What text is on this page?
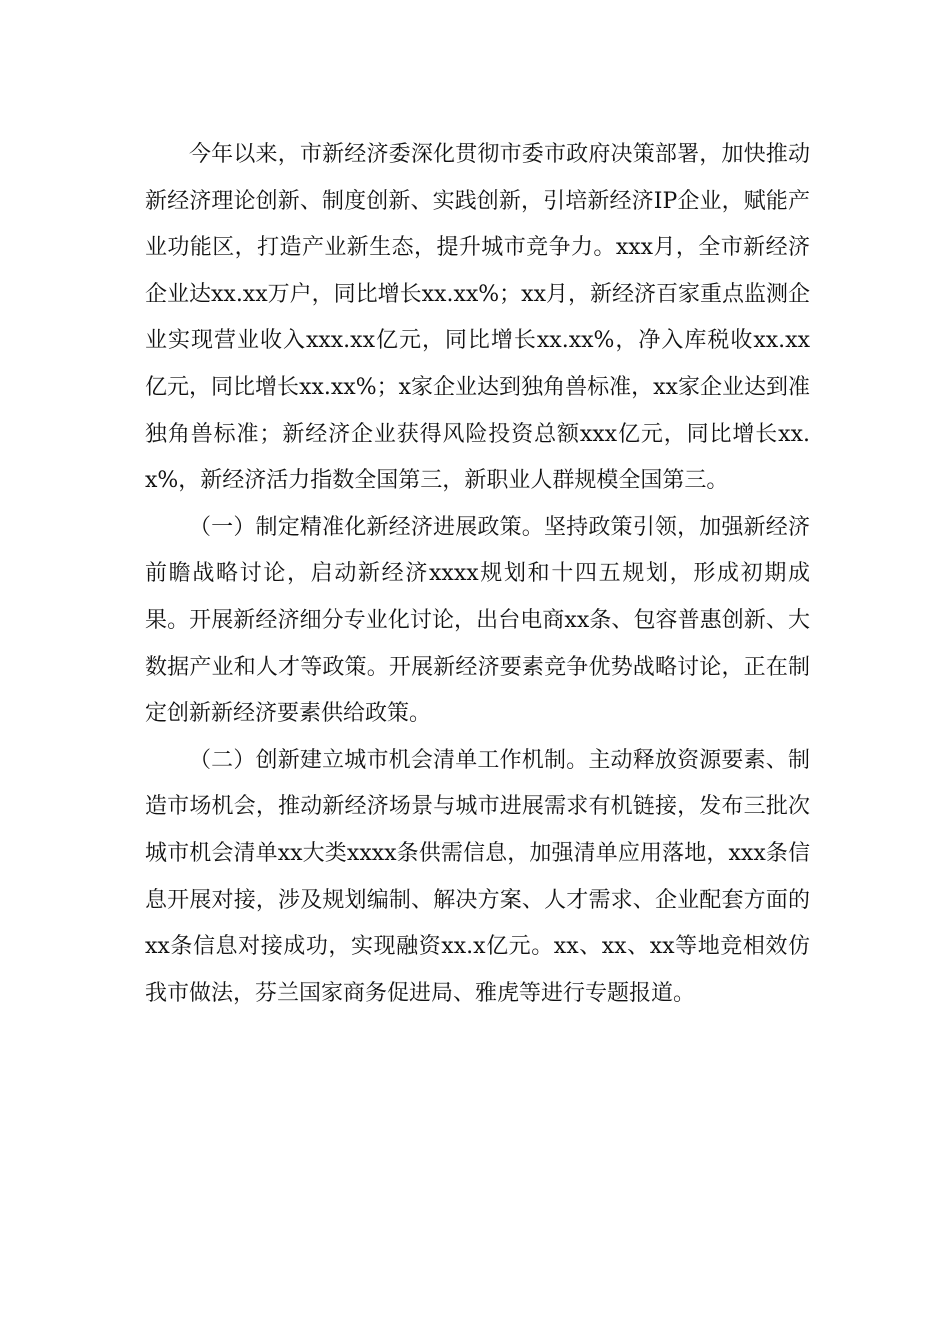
今年以来，市新经济委深化贯彻市委市政府决策部署，加快推动新经济理论创新、制度创新、实践创新，引培新经济IP企业，赋能产业功能区，打造产业新生态，提升城市竞争力。xxx月，全市新经济企业达xx.xx万户，同比增长xx.xx%；xx月，新经济百家重点监测企业实现营业收入xxx.xx亿元，同比增长xx.xx%，净入库税收xx.xx亿元，同比增长xx.xx%；x家企业达到独角兽标准，xx家企业达到准独角兽标准；新经济企业获得风险投资总额xxx亿元，同比增长xx.x%，新经济活力指数全国第三，新职业人群规模全国第三。

（一）制定精准化新经济进展政策。坚持政策引领，加强新经济前瞻战略讨论，启动新经济xxxx规划和十四五规划，形成初期成果。开展新经济细分专业化讨论，出台电商xx条、包容普惠创新、大数据产业和人才等政策。开展新经济要素竞争优势战略讨论，正在制定创新新经济要素供给政策。

（二）创新建立城市机会清单工作机制。主动释放资源要素、制造市场机会，推动新经济场景与城市进展需求有机链接，发布三批次城市机会清单xx大类xxxx条供需信息，加强清单应用落地，xxx条信息开展对接，涉及规划编制、解决方案、人才需求、企业配套方面的xx条信息对接成功，实现融资xx.x亿元。xx、xx、xx等地竞相效仿我市做法，芬兰国家商务促进局、雅虎等进行专题报道。
